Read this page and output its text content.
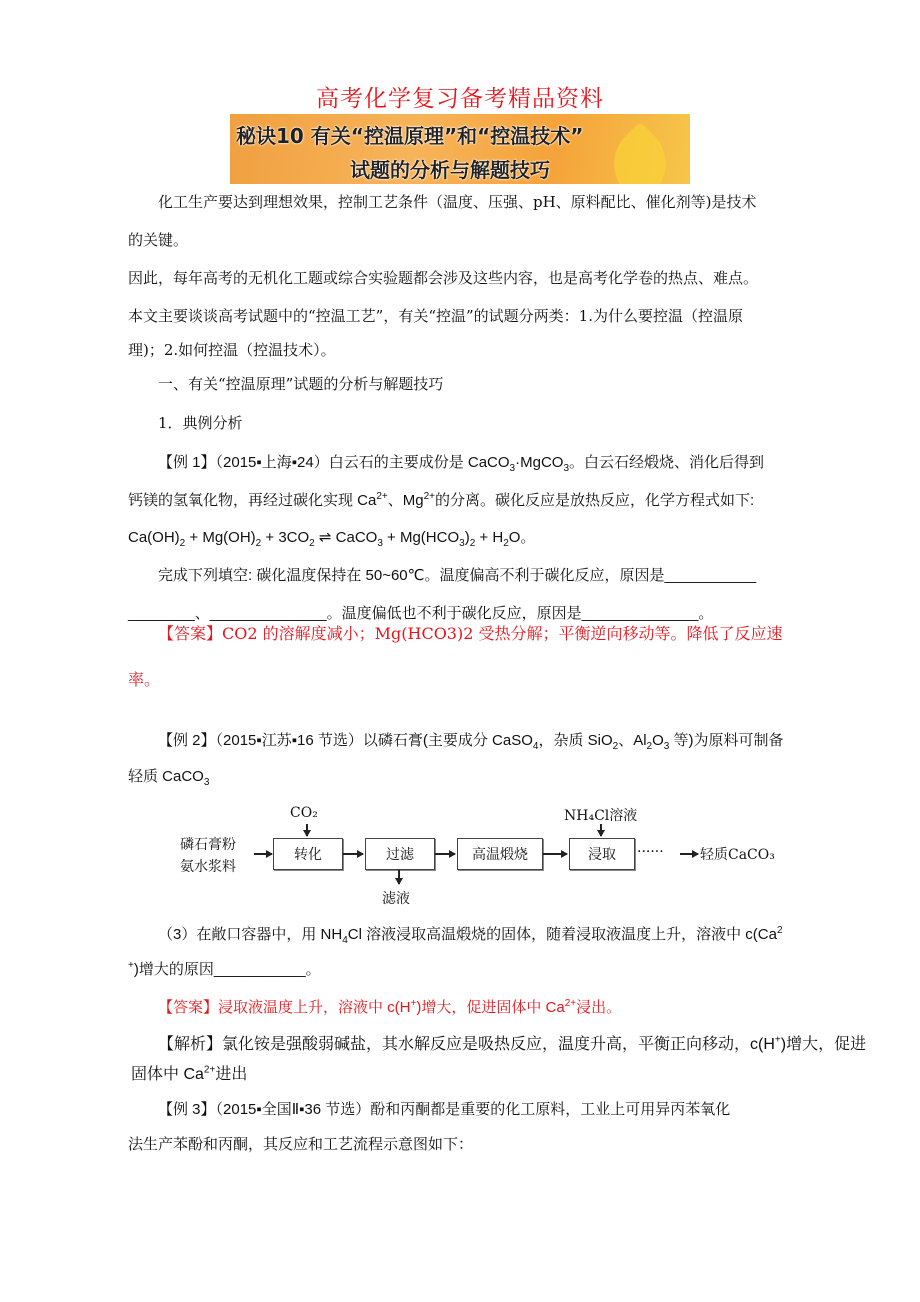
高考化学复习备考精品资料
秘诀10 有关“控温原理”和“控温技术”
试题的分析与解题技巧
化工生产要达到理想效果，控制工艺条件（温度、压强、pH、原料配比、催化剂等)是技术
的关键。
因此，每年高考的无机化工题或综合实验题都会涉及这些内容，也是高考化学卷的热点、难点。
本文主要谈谈高考试题中的“控温工艺”，有关“控温”的试题分两类：1.为什么要控温（控温原
理)；2.如何控温（控温技术）。
一、有关“控温原理”试题的分析与解题技巧
1．典例分析
【例 1】（2015▪上海▪24）白云石的主要成份是 CaCO$_3$·MgCO$_3$。白云石经煅烧、消化后得到
钙镁的氢氧化物，再经过碳化实现 $Ca^{2+}$、$Mg^{2+}$的分离。碳化反应是放热反应，化学方程式如下:
$Ca(OH)_2 + Mg(OH)_2 + 3CO_2$ ⇌ CaCO$_3$ + $Mg(HCO_3)_2 + H_2O$。
完成下列填空: 碳化温度保持在 50~60℃。温度偏高不利于碳化反应，原因是___________
________、______________。温度偏低也不利于碳化反应，原因是______________。
【答案】CO2 的溶解度减小；Mg(HCO3)2 受热分解；平衡逆向移动等。降低了反应速
率。
【例 2】（2015▪江苏▪16 节选）以磷石膏(主要成分 CaSO$_4$，杂质 SiO$_2$、$Al_2O_3$ 等)为原料可制备
轻质 CaCO$_3$
磷石膏粉
氨水浆料
CO₂
转化	过滤
滤液
高温煅烧
NH₄Cl溶液
浸取	······	轻质CaCO₃
（3）在敞口容器中，用 $NH_4Cl$ 溶液浸取高温煅烧的固体，随着浸取液温度上升，溶液中 c(Ca$^2$
+)增大的原因___________。
【答案】浸取液温度上升，溶液中 c(H+)增大，促进固体中 $Ca^{2+}$浸出。
【解析】氯化铵是强酸弱碱盐，其水解反应是吸热反应，温度升高，平衡正向移动，c(H+)增大，促进
固体中 $Ca^{2+}$进出
【例 3】（2015▪全国Ⅱ▪36 节选）酚和丙酮都是重要的化工原料，工业上可用异丙苯氧化
法生产苯酚和丙酮，其反应和工艺流程示意图如下：
